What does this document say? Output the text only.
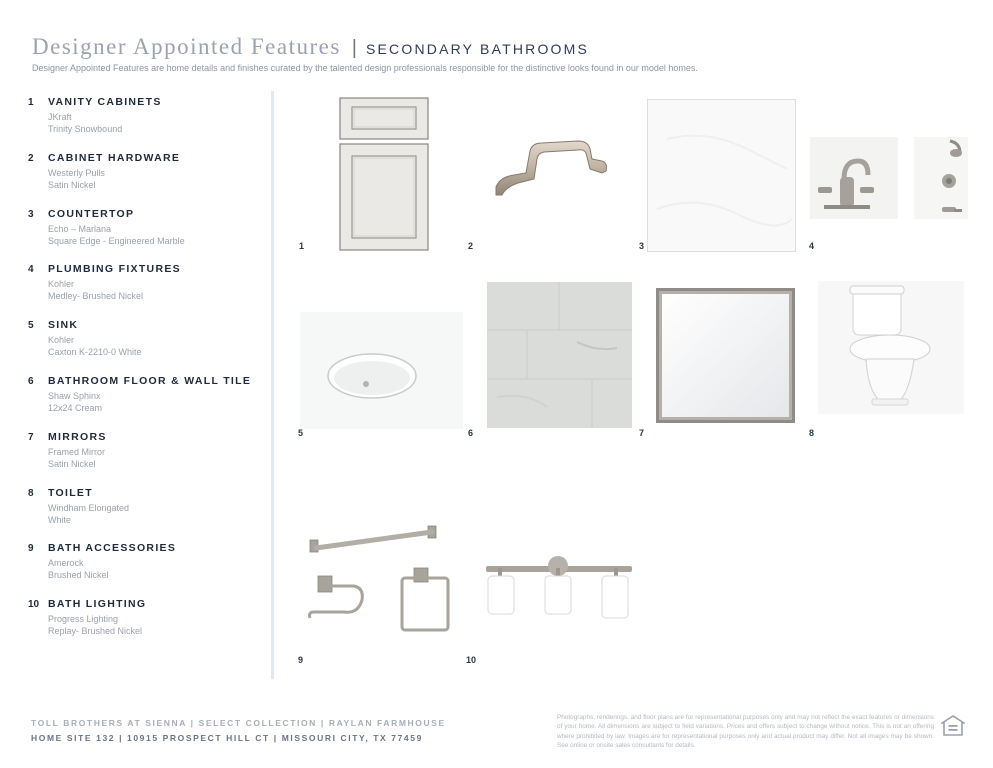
Designer Appointed Features | SECONDARY BATHROOMS
Designer Appointed Features are home details and finishes curated by the talented design professionals responsible for the distinctive looks found in our model homes.
1	VANITY CABINETS
JKraft
Trinity Snowbound
2	CABINET HARDWARE
Westerly Pulls
Satin Nickel
3	COUNTERTOP
Echo – Marlana
Square Edge - Engineered Marble
4	PLUMBING FIXTURES
Kohler
Medley- Brushed Nickel
5	SINK
Kohler
Caxton K-2210-0 White
6	BATHROOM FLOOR & WALL TILE
Shaw Sphinx
12x24 Cream
7	MIRRORS
Framed Mirror
Satin Nickel
8	TOILET
Windham Elongated
White
9	BATH ACCESSORIES
Amerock
Brushed Nickel
10 BATH LIGHTING
Progress Lighting
Replay- Brushed Nickel
1	2	3	4
5	6	7	8
9	10
TOLL BROTHERS AT SIENNA | SELECT COLLECTION | RAYLAN FARMHOUSE
HOME SITE 132 | 10915 PROSPECT HILL CT | MISSOURI CITY, TX 77459
Photographs, renderings, and floor plans are for representational purposes only and may not reflect the exact features or dimensions of your home. All dimensions are subject to field variations. Prices and offers subject to change without notice. This is not an offering where prohibited by law. Images are for representational purposes only and actual product may differ. Not all images may be shown. See online or onsite sales consultants for details.
